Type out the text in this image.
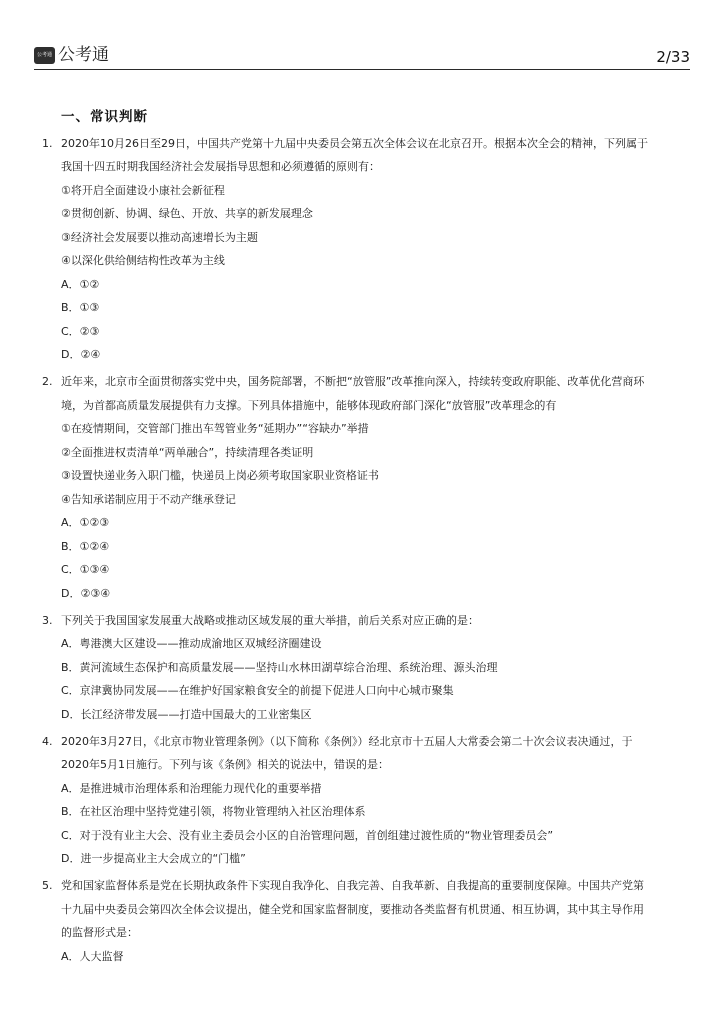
公考通 公考通	2/33
一、常识判断
1. 2020年10月26日至29日，中国共产党第十九届中央委员会第五次全体会议在北京召开。根据本次全会的精神，下列属于
我国十四五时期我国经济社会发展指导思想和必须遵循的原则有：
①将开启全面建设小康社会新征程
②贯彻创新、协调、绿色、开放、共享的新发展理念
③经济社会发展要以推动高速增长为主题
④以深化供给侧结构性改革为主线
A．①②
B．①③
C．②③
D．②④
2. 近年来，北京市全面贯彻落实党中央，国务院部署，不断把“放管服”改革推向深入，持续转变政府职能、改革优化营商环
境，为首都高质量发展提供有力支撑。下列具体措施中，能够体现政府部门深化“放管服”改革理念的有
①在疫情期间，交管部门推出车驾管业务“延期办”“容缺办”举措
②全面推进权责清单“两单融合”，持续清理各类证明
③设置快递业务入职门槛，快递员上岗必须考取国家职业资格证书
④告知承诺制应用于不动产继承登记
A．①②③
B．①②④
C．①③④
D．②③④
3. 下列关于我国国家发展重大战略或推动区域发展的重大举措，前后关系对应正确的是：
A．粤港澳大区建设——推动成渝地区双城经济圈建设
B．黄河流域生态保护和高质量发展——坚持山水林田湖草综合治理、系统治理、源头治理
C．京津冀协同发展——在维护好国家粮食安全的前提下促进人口向中心城市聚集
D．长江经济带发展——打造中国最大的工业密集区
4. 2020年3月27日，《北京市物业管理条例》（以下简称《条例》）经北京市十五届人大常委会第二十次会议表决通过，于
2020年5月1日施行。下列与该《条例》相关的说法中，错误的是：
A．是推进城市治理体系和治理能力现代化的重要举措
B．在社区治理中坚持党建引领，将物业管理纳入社区治理体系
C．对于没有业主大会、没有业主委员会小区的自治管理问题，首创组建过渡性质的“物业管理委员会”
D．进一步提高业主大会成立的“门槛”
5. 党和国家监督体系是党在长期执政条件下实现自我净化、自我完善、自我革新、自我提高的重要制度保障。中国共产党第
十九届中央委员会第四次全体会议提出，健全党和国家监督制度，要推动各类监督有机贯通、相互协调，其中其主导作用
的监督形式是：
A．人大监督
